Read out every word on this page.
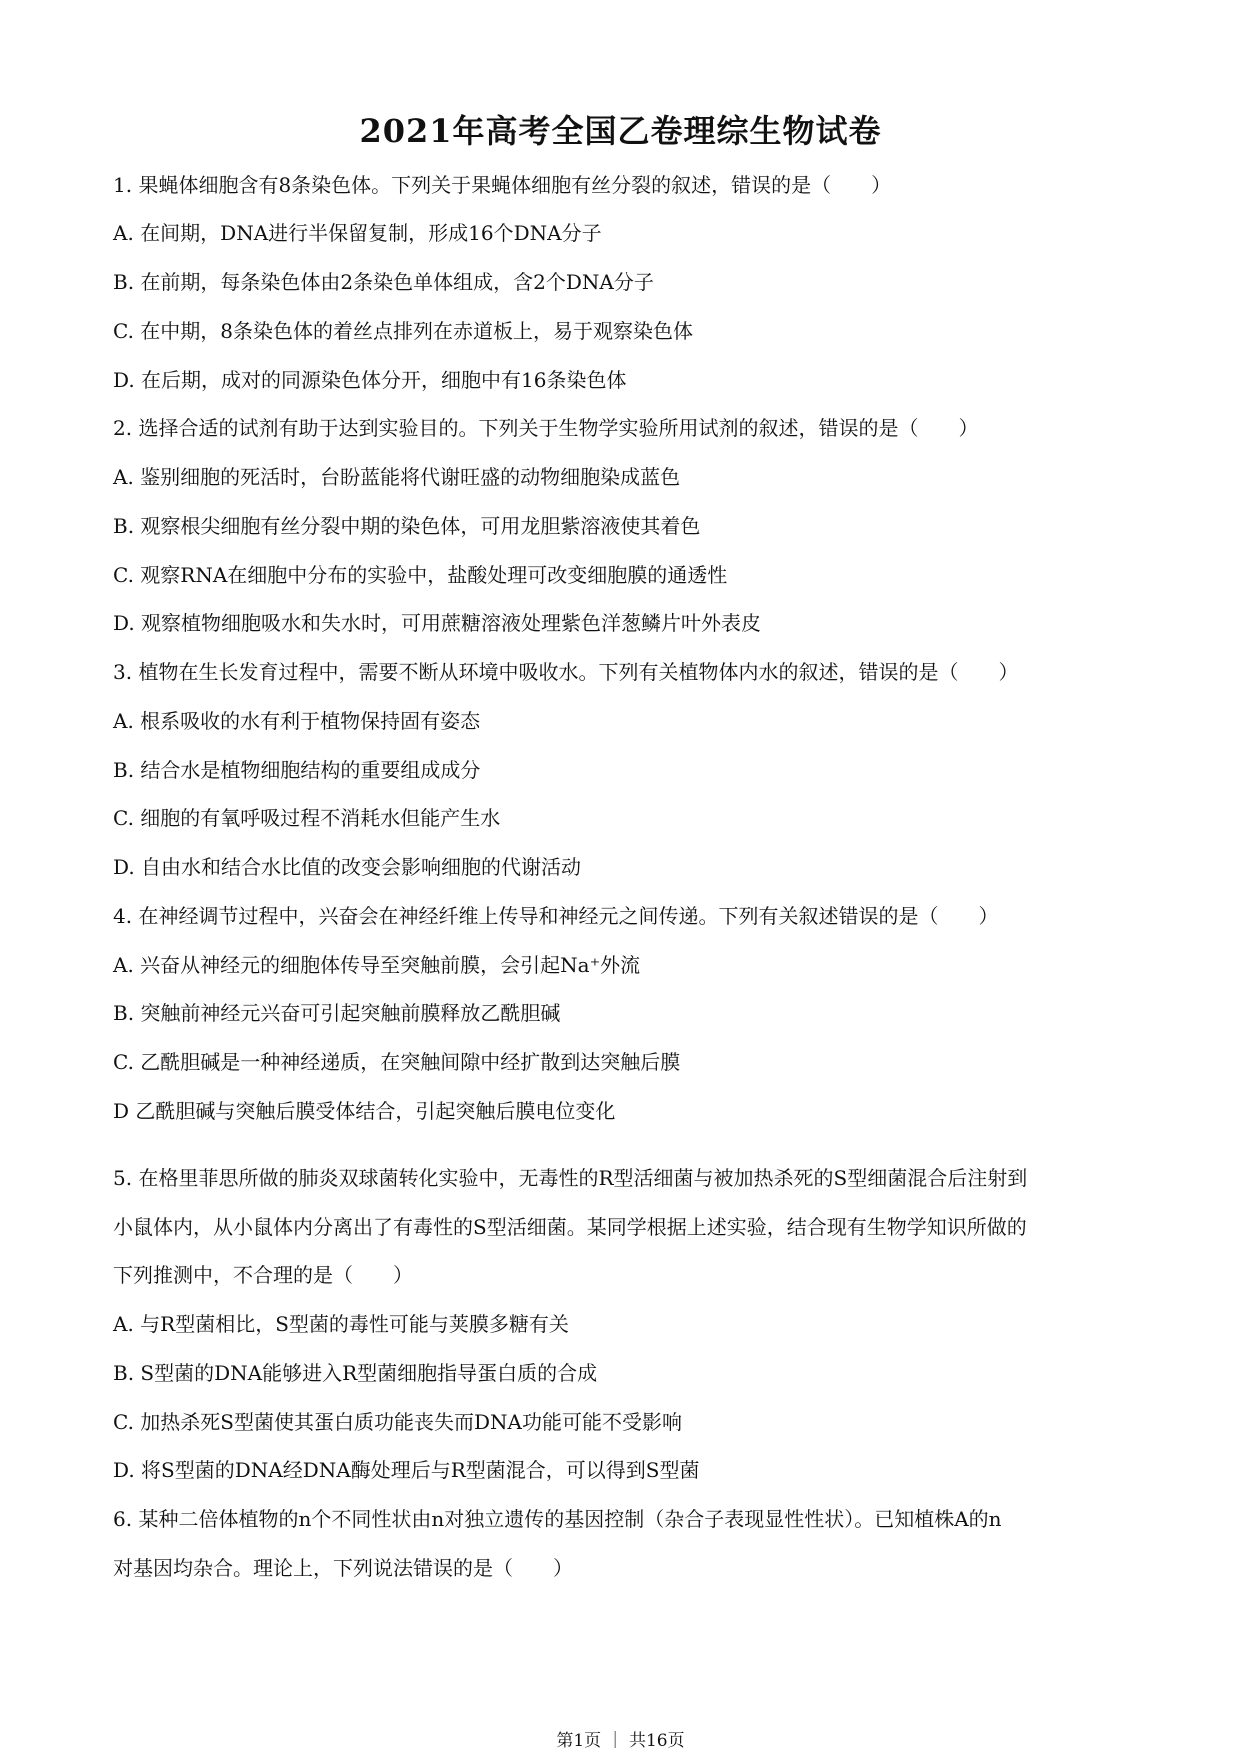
2021年高考全国乙卷理综生物试卷
1. 果蝇体细胞含有8条染色体。下列关于果蝇体细胞有丝分裂的叙述，错误的是（　　）
A. 在间期，DNA进行半保留复制，形成16个DNA分子
B. 在前期，每条染色体由2条染色单体组成，含2个DNA分子
C. 在中期，8条染色体的着丝点排列在赤道板上，易于观察染色体
D. 在后期，成对的同源染色体分开，细胞中有16条染色体
2. 选择合适的试剂有助于达到实验目的。下列关于生物学实验所用试剂的叙述，错误的是（　　）
A. 鉴别细胞的死活时，台盼蓝能将代谢旺盛的动物细胞染成蓝色
B. 观察根尖细胞有丝分裂中期的染色体，可用龙胆紫溶液使其着色
C. 观察RNA在细胞中分布的实验中，盐酸处理可改变细胞膜的通透性
D. 观察植物细胞吸水和失水时，可用蔗糖溶液处理紫色洋葱鳞片叶外表皮
3. 植物在生长发育过程中，需要不断从环境中吸收水。下列有关植物体内水的叙述，错误的是（　　）
A. 根系吸收的水有利于植物保持固有姿态
B. 结合水是植物细胞结构的重要组成成分
C. 细胞的有氧呼吸过程不消耗水但能产生水
D. 自由水和结合水比值的改变会影响细胞的代谢活动
4. 在神经调节过程中，兴奋会在神经纤维上传导和神经元之间传递。下列有关叙述错误的是（　　）
A. 兴奋从神经元的细胞体传导至突触前膜，会引起Na⁺外流
B. 突触前神经元兴奋可引起突触前膜释放乙酰胆碱
C. 乙酰胆碱是一种神经递质，在突触间隙中经扩散到达突触后膜
D 乙酰胆碱与突触后膜受体结合，引起突触后膜电位变化
5. 在格里菲思所做的肺炎双球菌转化实验中，无毒性的R型活细菌与被加热杀死的S型细菌混合后注射到
小鼠体内，从小鼠体内分离出了有毒性的S型活细菌。某同学根据上述实验，结合现有生物学知识所做的
下列推测中，不合理的是（　　）
A. 与R型菌相比，S型菌的毒性可能与荚膜多糖有关
B. S型菌的DNA能够进入R型菌细胞指导蛋白质的合成
C. 加热杀死S型菌使其蛋白质功能丧失而DNA功能可能不受影响
D. 将S型菌的DNA经DNA酶处理后与R型菌混合，可以得到S型菌
6. 某种二倍体植物的n个不同性状由n对独立遗传的基因控制（杂合子表现显性性状）。已知植株A的n
对基因均杂合。理论上，下列说法错误的是（　　）
第1页 ｜ 共16页
